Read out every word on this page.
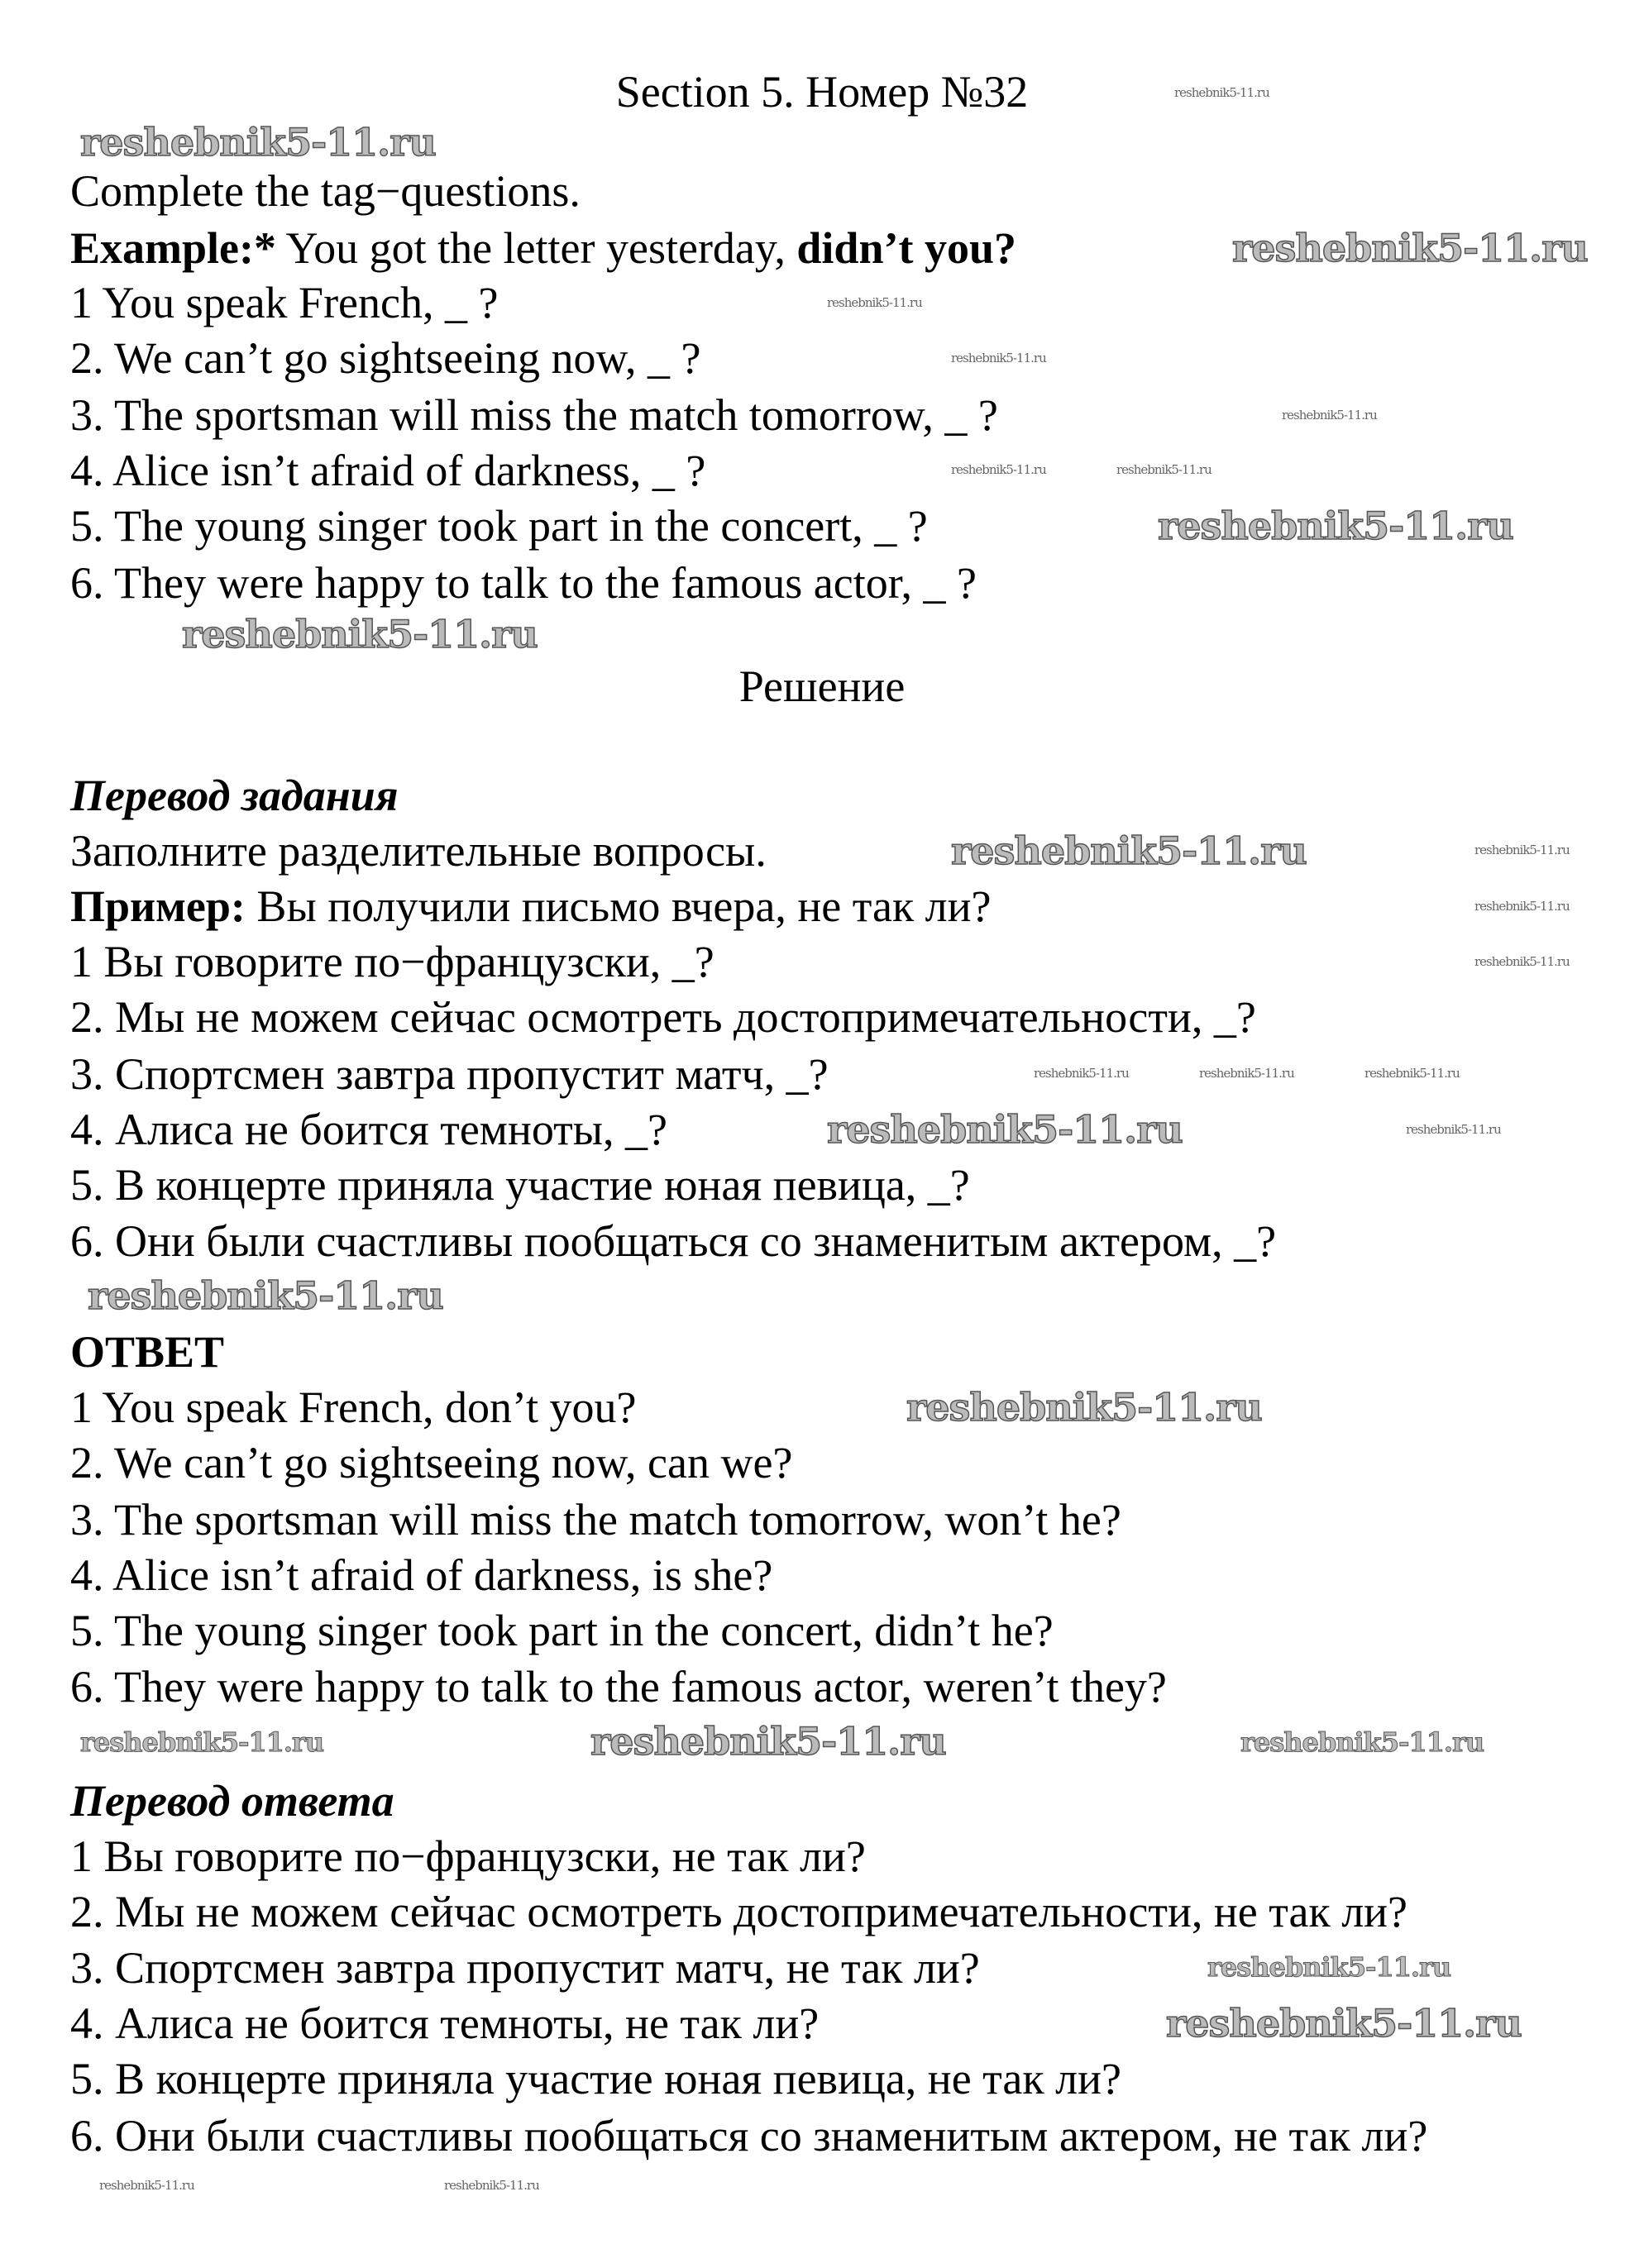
Section 5. Номер №32
Complete the tag−questions.
Example:* You got the letter yesterday, didn’t you?
1 You speak French, _ ?
2. We can’t go sightseeing now, _ ?
3. The sportsman will miss the match tomorrow, _ ?
4. Alice isn’t afraid of darkness, _ ?
5. The young singer took part in the concert, _ ?
6. They were happy to talk to the famous actor, _ ?
Решение
Перевод задания
Заполните разделительные вопросы.
Пример: Вы получили письмо вчера, не так ли?
1 Вы говорите по−французски, _?
2. Мы не можем сейчас осмотреть достопримечательности, _?
3. Спортсмен завтра пропустит матч, _?
4. Алиса не боится темноты, _?
5. В концерте приняла участие юная певица, _?
6. Они были счастливы пообщаться со знаменитым актером, _?
ОТВЕТ
1 You speak French, don’t you?
2. We can’t go sightseeing now, can we?
3. The sportsman will miss the match tomorrow, won’t he?
4. Alice isn’t afraid of darkness, is she?
5. The young singer took part in the concert, didn’t he?
6. They were happy to talk to the famous actor, weren’t they?
Перевод ответа
1 Вы говорите по−французски, не так ли?
2. Мы не можем сейчас осмотреть достопримечательности, не так ли?
3. Спортсмен завтра пропустит матч, не так ли?
4. Алиса не боится темноты, не так ли?
5. В концерте приняла участие юная певица, не так ли?
6. Они были счастливы пообщаться со знаменитым актером, не так ли?
reshebnik5-11.ru
reshebnik5-11.ru
reshebnik5-11.ru
reshebnik5-11.ru
reshebnik5-11.ru
reshebnik5-11.ru
reshebnik5-11.ru
reshebnik5-11.ru
reshebnik5-11.ru
reshebnik5-11.ru
reshebnik5-11.ru
reshebnik5-11.ru
reshebnik5-11.ru
reshebnik5-11.ru
reshebnik5-11.ru
reshebnik5-11.ru
reshebnik5-11.ru	reshebnik5-11.ru
reshebnik5-11.ru
reshebnik5-11.ru
reshebnik5-11.ru
reshebnik5-11.ru
reshebnik5-11.ru	reshebnik5-11.ru	reshebnik5-11.ru
reshebnik5-11.ru
reshebnik5-11.ru	reshebnik5-11.ru
